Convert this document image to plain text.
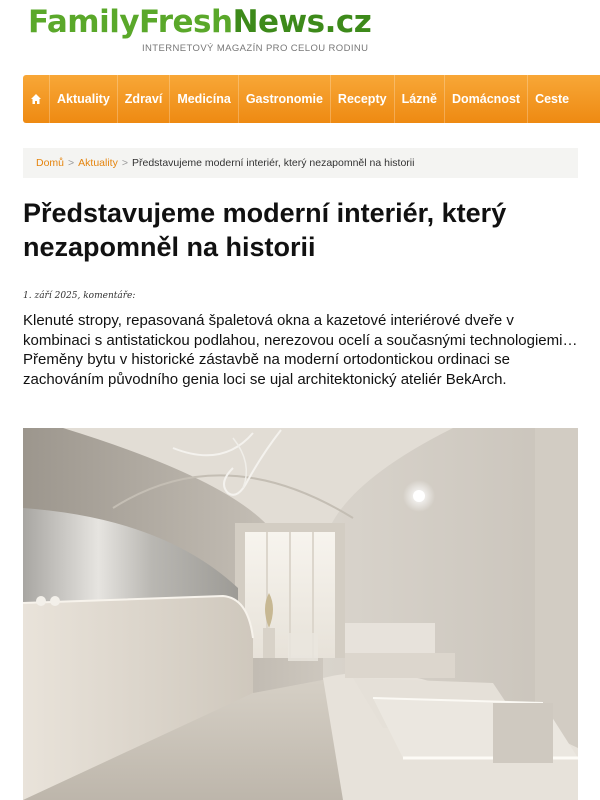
FamilyFreshNews.cz
INTERNETOVÝ MAGAZÍN PRO CELOU RODINU
Aktuality	Zdraví	Medicína	Gastronomie	Recepty	Lázně	Domácnost	Ceste
Domů > Aktuality > Představujeme moderní interiér, který nezapomněl na historii
Představujeme moderní interiér, který nezapomněl na historii
1. září 2025, komentáře:

Klenuté stropy, repasovaná špaletová okna a kazetové interiérové dveře v kombinaci s antistatickou podlahou, nerezovou ocelí a současnými technologiemi… Přeměny bytu v historické zástavbě na moderní ortodontickou ordinaci se zachováním původního genia loci se ujal architektonický ateliér BekArch.
